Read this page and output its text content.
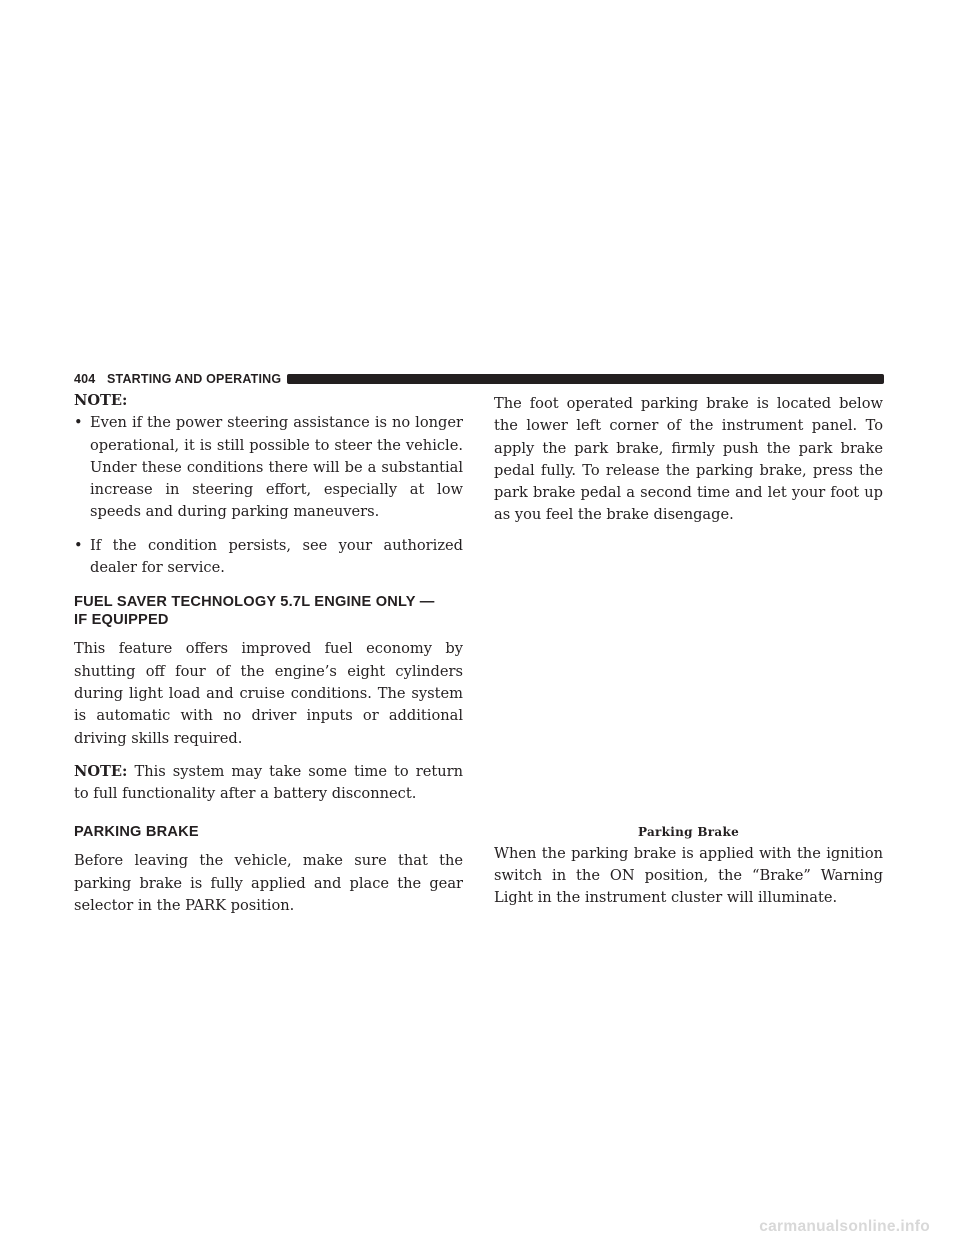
404 STARTING AND OPERATING

NOTE:

• Even if the power steering assistance is no longer operational, it is still possible to steer the vehicle. Under these conditions there will be a substantial increase in steering effort, especially at low speeds and during parking maneuvers.
• If the condition persists, see your authorized dealer for service.
FUEL SAVER TECHNOLOGY 5.7L ENGINE ONLY —
IF EQUIPPED

This feature offers improved fuel economy by shutting off four of the engine’s eight cylinders during light load and cruise conditions. The system is automatic with no driver inputs or additional driving skills required.

NOTE: This system may take some time to return to full functionality after a battery disconnect.

PARKING BRAKE

Before leaving the vehicle, make sure that the parking brake is fully applied and place the gear selector in the PARK position.

The foot operated parking brake is located below the lower left corner of the instrument panel. To apply the park brake, firmly push the park brake pedal fully. To release the parking brake, press the park brake pedal a second time and let your foot up as you feel the brake disengage.

Parking Brake

When the parking brake is applied with the ignition switch in the ON position, the “Brake” Warning Light in the instrument cluster will illuminate.

carmanualsonline.info
